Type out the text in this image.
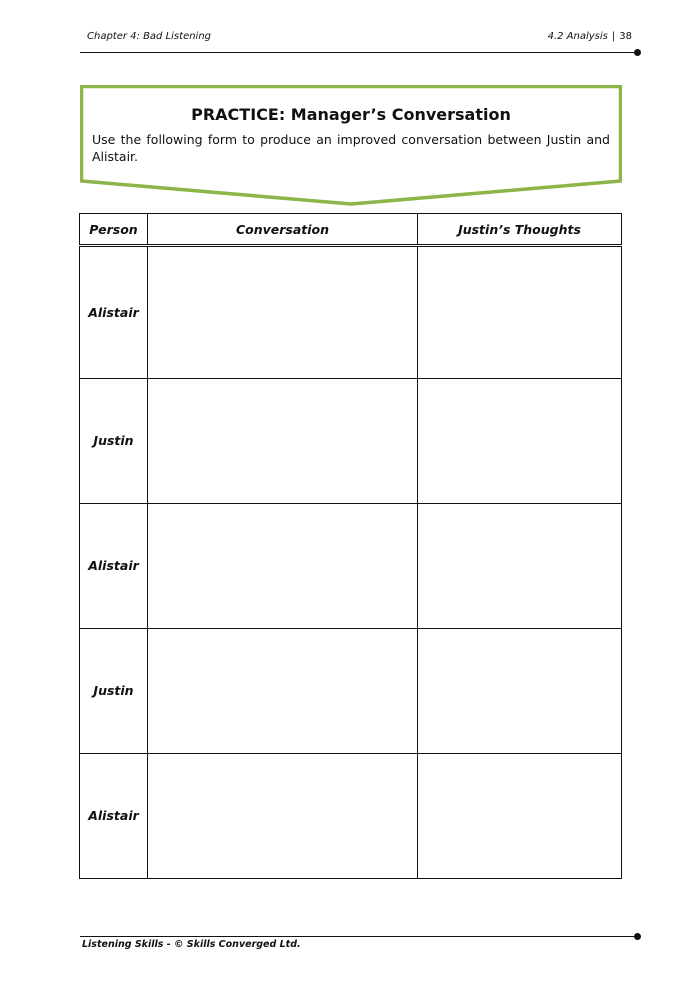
Chapter 4: Bad Listening	4.2 Analysis | 38
PRACTICE: Manager’s Conversation
Use the following form to produce an improved conversation between Justin and Alistair.
Person	Conversation	Justin’s Thoughts
Alistair		
Justin		
Alistair		
Justin		
Alistair		
Listening Skills - © Skills Converged Ltd.
